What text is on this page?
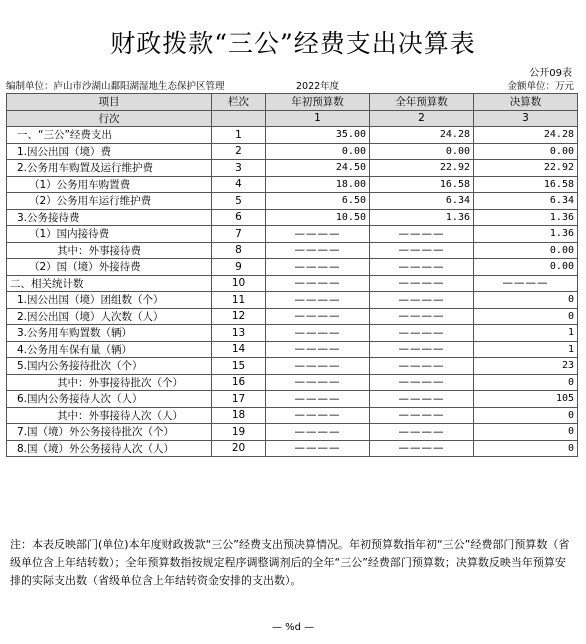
财政拨款“三公”经费支出决算表
公开09表
编制单位：庐山市沙湖山鄱阳湖湿地生态保护区管理	2022年度	金额单位：万元
项目	栏次	年初预算数	全年预算数	决算数
行次		1	2	3
一、“三公”经费支出	1	35.00	24.28	24.28
1.因公出国（境）费	2	0.00	0.00	0.00
2.公务用车购置及运行维护费	3	24.50	22.92	22.92
（1）公务用车购置费	4	18.00	16.58	16.58
（2）公务用车运行维护费	5	6.50	6.34	6.34
3.公务接待费	6	10.50	1.36	1.36
（1）国内接待费	7	————	————	1.36
其中：外事接待费	8	————	————	0.00
（2）国（境）外接待费	9	————	————	0.00
二、相关统计数	10	————	————	————
1.因公出国（境）团组数（个）	11	————	————	0
2.因公出国（境）人次数（人）	12	————	————	0
3.公务用车购置数（辆）	13	————	————	1
4.公务用车保有量（辆）	14	————	————	1
5.国内公务接待批次（个）	15	————	————	23
其中：外事接待批次（个）	16	————	————	0
6.国内公务接待人次（人）	17	————	————	105
其中：外事接待人次（人）	18	————	————	0
7.国（境）外公务接待批次（个）	19	————	————	0
8.国（境）外公务接待人次（人）	20	————	————	0
注：本表反映部门(单位)本年度财政拨款“三公”经费支出预决算情况。年初预算数指年初“三公”经费部门预算数（省级单位含上年结转数）；全年预算数指按规定程序调整调剂后的全年“三公”经费部门预算数；决算数反映当年预算安排的实际支出数（省级单位含上年结转资金安排的支出数）。
— %d —
